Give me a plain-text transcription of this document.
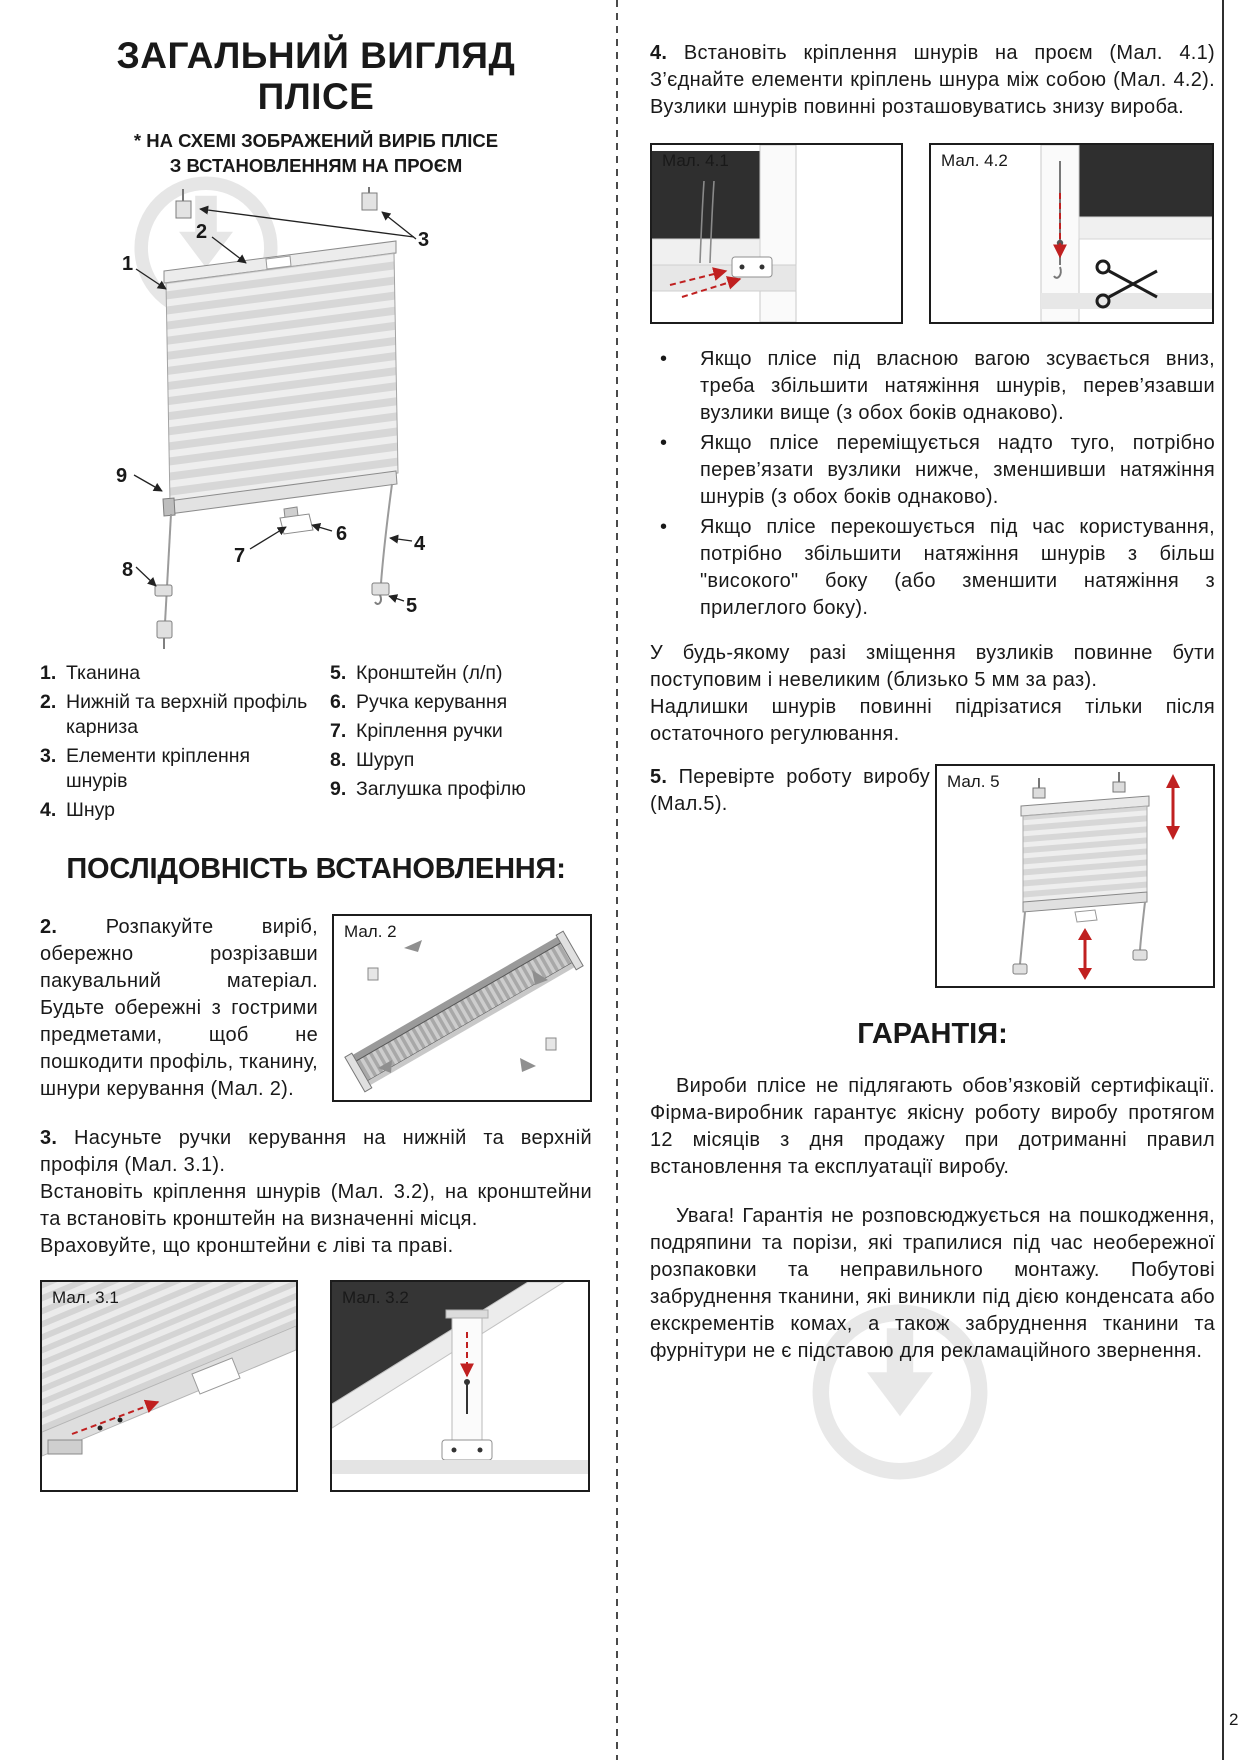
2
ЗАГАЛЬНИЙ ВИГЛЯД
ПЛІСЕ
* НА СХЕМІ ЗОБРАЖЕНИЙ ВИРІБ ПЛІСЕ
З ВСТАНОВЛЕННЯМ НА ПРОЄМ
1
2	3
4
5
6
7
8
9
1. Тканина
2. Нижній та верхній профіль карниза
3. Елементи кріплення шнурів
4. Шнур
5. Кронштейн (л/п)
6. Ручка керування
7. Кріплення ручки
8. Шуруп
9. Заглушка профілю
ПОСЛІДОВНІСТЬ ВСТАНОВЛЕННЯ:

2. Розпакуйте виріб, обережно розрізавши пакувальний матеріал. Будьте обережні з гострими предметами, щоб не пошкодити профіль, тканину, шнури керування (Мал. 2).

Мал. 2

3. Насуньте ручки керування на нижній та верхній профіля (Мал. 3.1).

Встановіть кріплення шнурів (Мал. 3.2), на кронштейни та встановіть кронштейн на визначенні місця.

Враховуйте, що кронштейни є ліві та праві.

Мал. 3.1	Мал. 3.2

4. Встановіть кріплення шнурів на проєм (Мал. 4.1) З’єднайте елементи кріплень шнура між собою (Мал. 4.2). Вузлики шнурів повинні розташовуватись знизу вироба.

Мал. 4.1	Мал. 4.2
• Якщо плісе під власною вагою зсувається вниз, треба збільшити натяжіння шнурів, перев’язавши вузлики вище (з обох боків однаково).
• Якщо плісе переміщується надто туго, потрібно перев’язати вузлики нижче, зменшивши натяжіння шнурів (з обох боків однаково).
• Якщо плісе перекошується під час користування, потрібно збільшити натяжіння шнурів з більш "високого" боку (або зменшити натяжіння з прилеглого боку).

У будь-якому разі зміщення вузликів повинне бути поступовим і невеликим (близько 5 мм за раз).

Надлишки шнурів повинні підрізатися тільки після остаточного регулювання.

5. Перевірте роботу виробу (Мал.5).

Мал. 5
ГАРАНТІЯ:

Вироби плісе не підлягають обов’язковій сертифікації. Фірма-виробник гарантує якісну роботу виробу протягом 12 місяців з дня продажу при дотриманні правил встановлення та експлуатації виробу.

Увага! Гарантія не розповсюджується на пошкодження, подряпини та порізи, які трапилися під час необережної розпаковки та неправильного монтажу. Побутові забруднення тканини, які виникли під дією конденсата або екскрементів комах, а також забруднення тканини та фурнітури не є підставою для рекламаційного звернення.
